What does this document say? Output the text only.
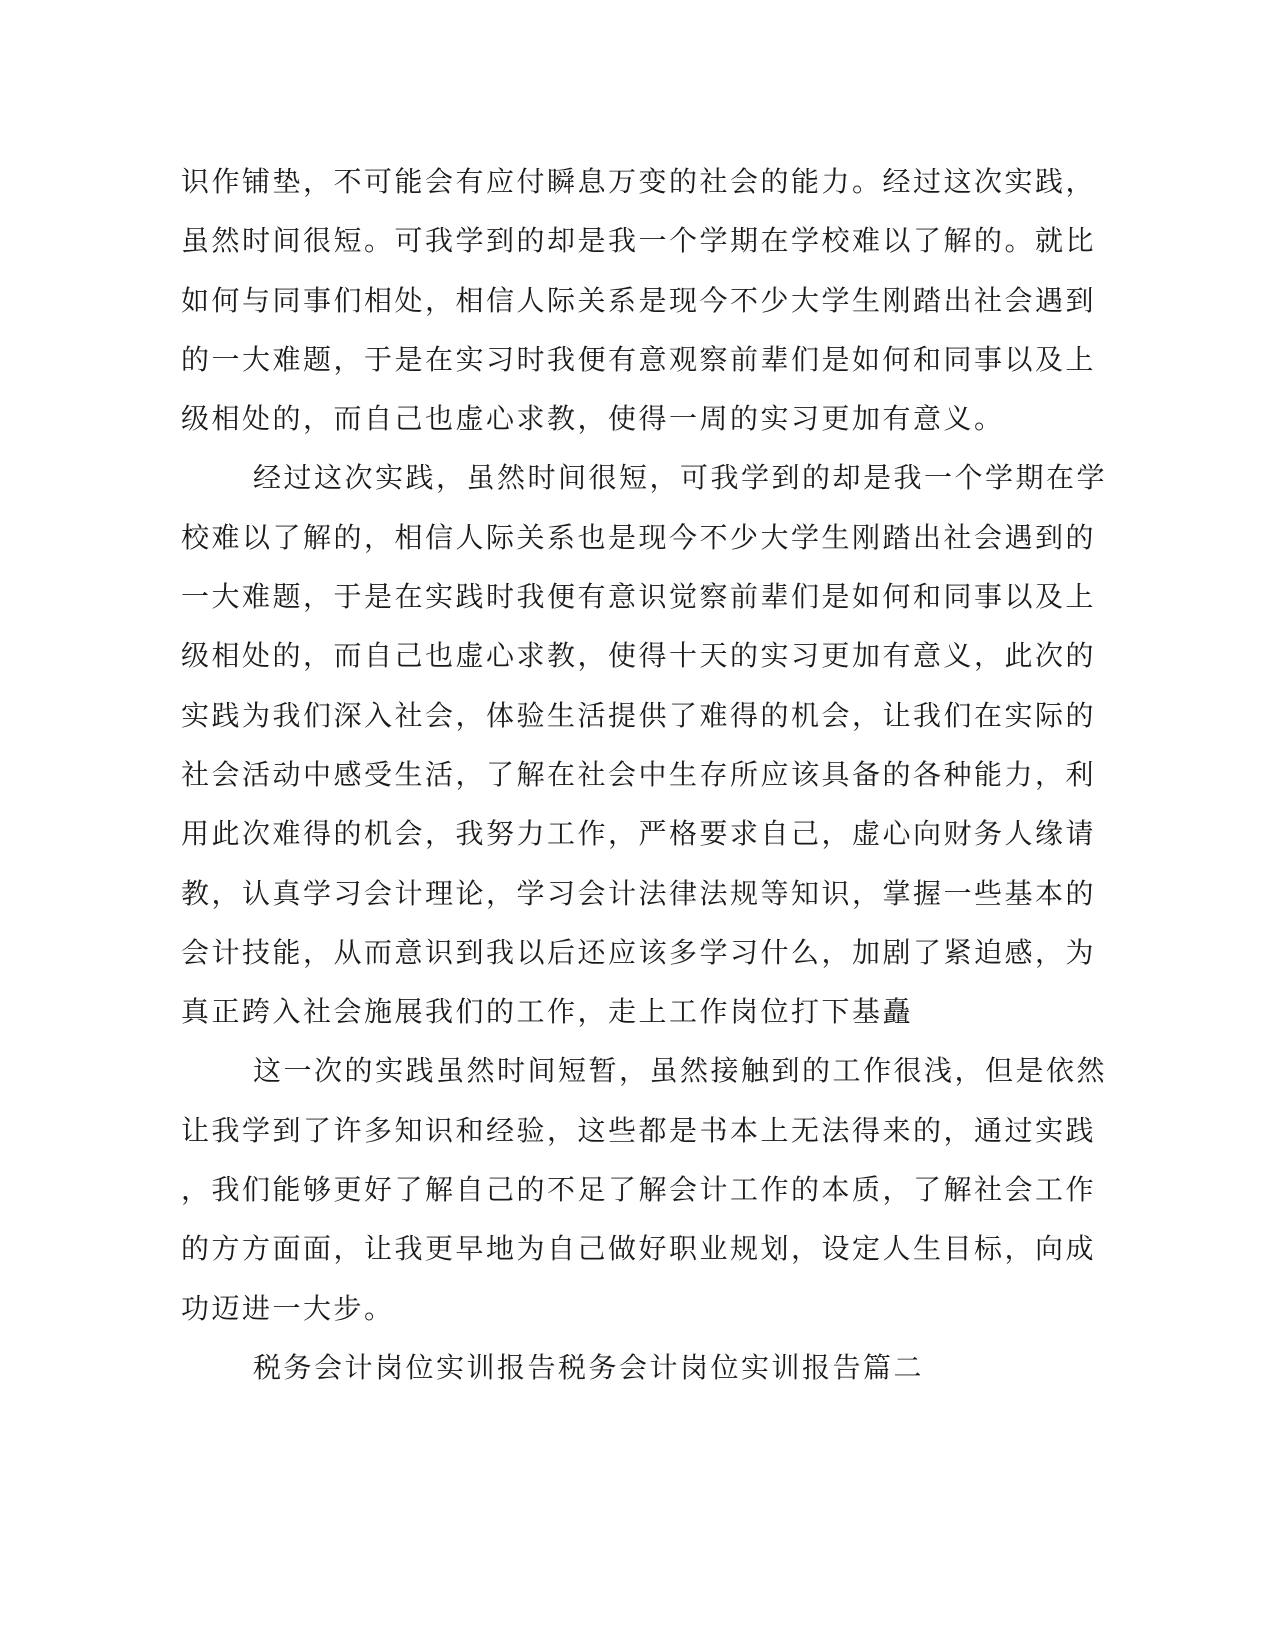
识作铺垫，不可能会有应付瞬息万变的社会的能力。经过这次实践，
虽然时间很短。可我学到的却是我一个学期在学校难以了解的。就比
如何与同事们相处，相信人际关系是现今不少大学生刚踏出社会遇到
的一大难题，于是在实习时我便有意观察前辈们是如何和同事以及上
级相处的，而自己也虚心求教，使得一周的实习更加有意义。
经过这次实践，虽然时间很短，可我学到的却是我一个学期在学
校难以了解的，相信人际关系也是现今不少大学生刚踏出社会遇到的
一大难题，于是在实践时我便有意识觉察前辈们是如何和同事以及上
级相处的，而自己也虚心求教，使得十天的实习更加有意义，此次的
实践为我们深入社会，体验生活提供了难得的机会，让我们在实际的
社会活动中感受生活，了解在社会中生存所应该具备的各种能力，利
用此次难得的机会，我努力工作，严格要求自己，虚心向财务人缘请
教，认真学习会计理论，学习会计法律法规等知识，掌握一些基本的
会计技能，从而意识到我以后还应该多学习什么，加剧了紧迫感，为
真正跨入社会施展我们的工作，走上工作岗位打下基矗
这一次的实践虽然时间短暂，虽然接触到的工作很浅，但是依然
让我学到了许多知识和经验，这些都是书本上无法得来的，通过实践
，我们能够更好了解自己的不足了解会计工作的本质，了解社会工作
的方方面面，让我更早地为自己做好职业规划，设定人生目标，向成
功迈进一大步。
税务会计岗位实训报告税务会计岗位实训报告篇二
